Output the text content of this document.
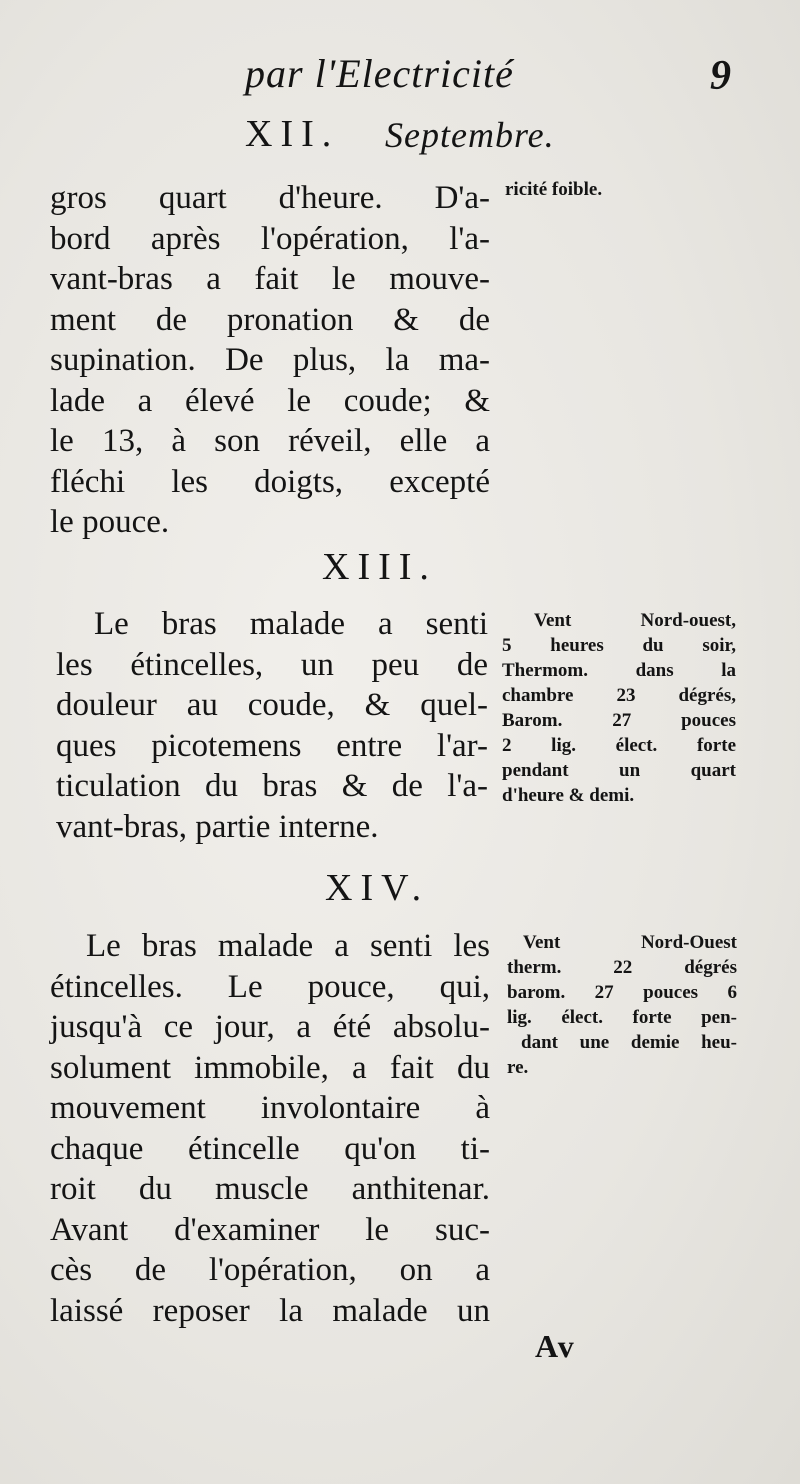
par l'Electricité	9
XII. Septembre.
gros quart d'heure. D'a-
bord après l'opération, l'a-
vant-bras a fait le mouve-
ment de pronation & de
supination. De plus, la ma-
lade a élevé le coude; &
le 13, à son réveil, elle a
fléchi les doigts, excepté
le pouce.
ricité foible.
XIII.
Le bras malade a senti
les étincelles, un peu de
douleur au coude, & quel-
ques picotemens entre l'ar-
ticulation du bras & de l'a-
vant-bras, partie interne.
Vent Nord-ouest,
5 heures du soir,
Thermom. dans la
chambre 23 dégrés,
Barom. 27 pouces
2 lig. élect. forte
pendant un quart
d'heure & demi.
XIV.
Le bras malade a senti les
étincelles. Le pouce, qui,
jusqu'à ce jour, a été absolu-
solument immobile, a fait du
mouvement involontaire à
chaque étincelle qu'on ti-
roit du muscle anthitenar.
Avant d'examiner le suc-
cès de l'opération, on a
laissé reposer la malade un
Vent Nord-Ouest
therm. 22 dégrés
barom. 27 pouces 6
lig. élect. forte pen-
dant une demie heu-
re.
Av
